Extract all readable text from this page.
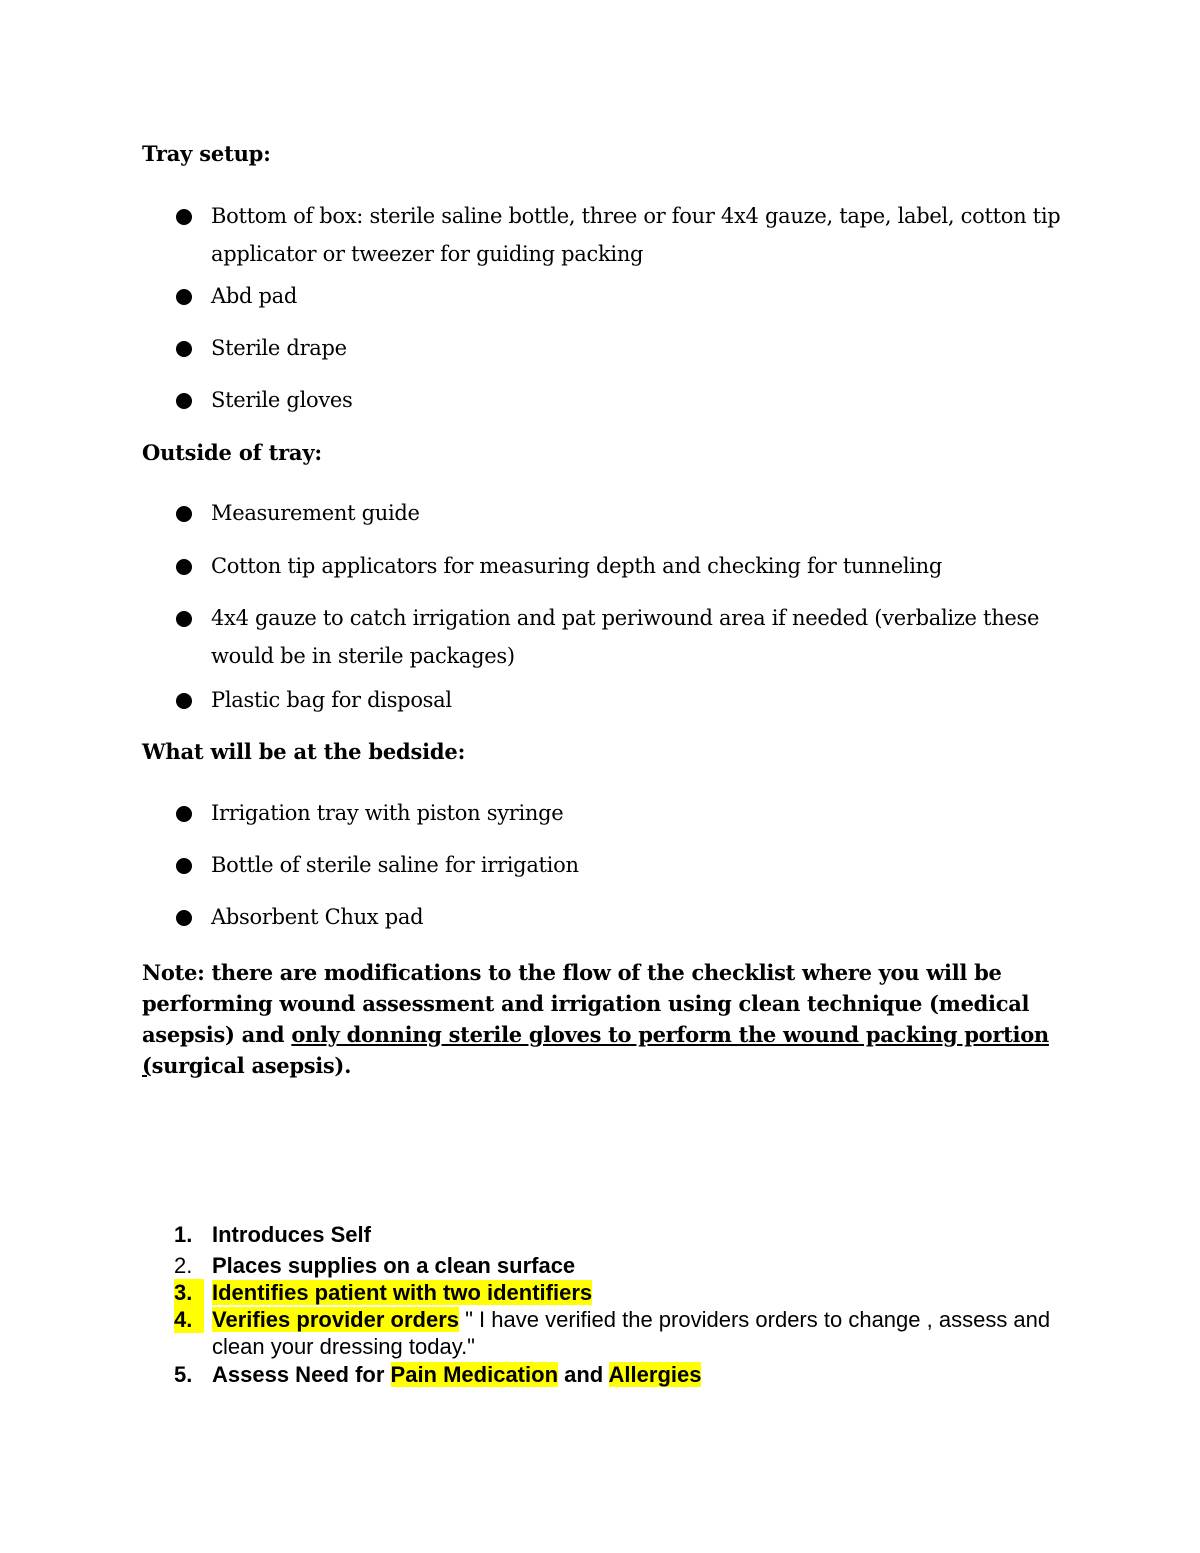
Tray setup:
Bottom of box: sterile saline bottle, three or four 4x4 gauze, tape, label, cotton tip applicator or tweezer for guiding packing
Abd pad
Sterile drape
Sterile gloves
Outside of tray:
Measurement guide
Cotton tip applicators for measuring depth and checking for tunneling
4x4 gauze to catch irrigation and pat periwound area if needed (verbalize these would be in sterile packages)
Plastic bag for disposal
What will be at the bedside:
Irrigation tray with piston syringe
Bottle of sterile saline for irrigation
Absorbent Chux pad
Note: there are modifications to the flow of the checklist where you will be performing wound assessment and irrigation using clean technique (medical asepsis) and only donning sterile gloves to perform the wound packing portion (surgical asepsis).
1. Introduces Self
2. Places supplies on a clean surface
3. Identifies patient with two identifiers
4. Verifies provider orders " I have verified the providers orders to change , assess and clean your dressing today."
5. Assess Need for Pain Medication and Allergies
